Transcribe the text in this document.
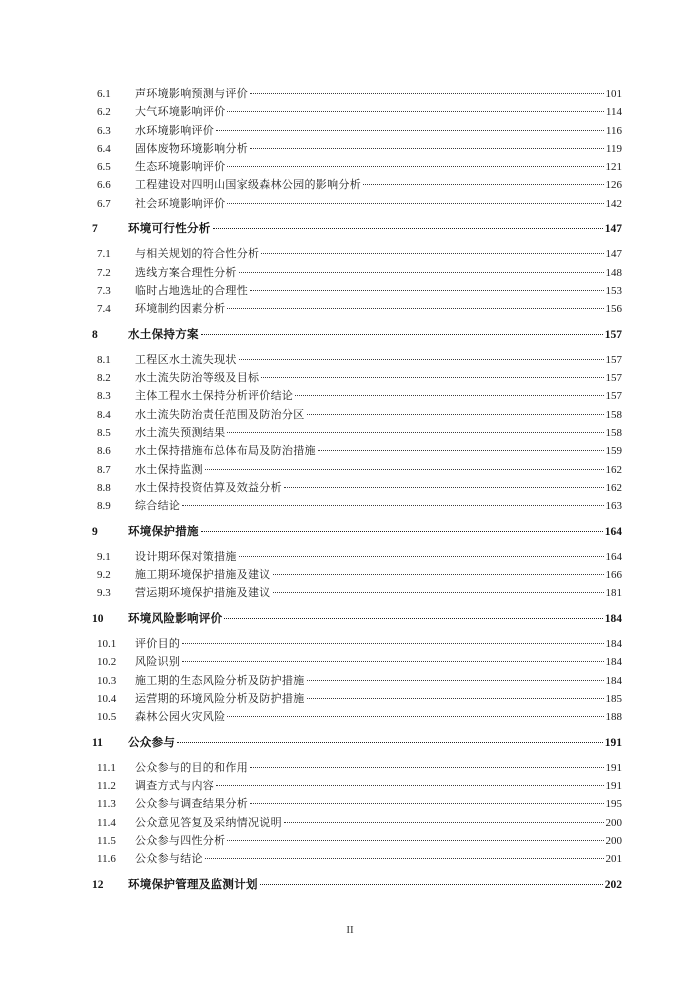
6.1	声环境影响预测与评价	101
6.2	大气环境影响评价	114
6.3	水环境影响评价	116
6.4	固体废物环境影响分析	119
6.5	生态环境影响评价	121
6.6	工程建设对四明山国家级森林公园的影响分析	126
6.7	社会环境影响评价	142
7	环境可行性分析	147
7.1	与相关规划的符合性分析	147
7.2	选线方案合理性分析	148
7.3	临时占地选址的合理性	153
7.4	环境制约因素分析	156
8	水土保持方案	157
8.1	工程区水土流失现状	157
8.2	水土流失防治等级及目标	157
8.3	主体工程水土保持分析评价结论	157
8.4	水土流失防治责任范围及防治分区	158
8.5	水土流失预测结果	158
8.6	水土保持措施布总体布局及防治措施	159
8.7	水土保持监测	162
8.8	水土保持投资估算及效益分析	162
8.9	综合结论	163
9	环境保护措施	164
9.1	设计期环保对策措施	164
9.2	施工期环境保护措施及建议	166
9.3	营运期环境保护措施及建议	181
10	环境风险影响评价	184
10.1	评价目的	184
10.2	风险识别	184
10.3	施工期的生态风险分析及防护措施	184
10.4	运营期的环境风险分析及防护措施	185
10.5	森林公园火灾风险	188
11	公众参与	191
11.1	公众参与的目的和作用	191
11.2	调查方式与内容	191
11.3	公众参与调查结果分析	195
11.4	公众意见答复及采纳情况说明	200
11.5	公众参与四性分析	200
11.6	公众参与结论	201
12	环境保护管理及监测计划	202
II
